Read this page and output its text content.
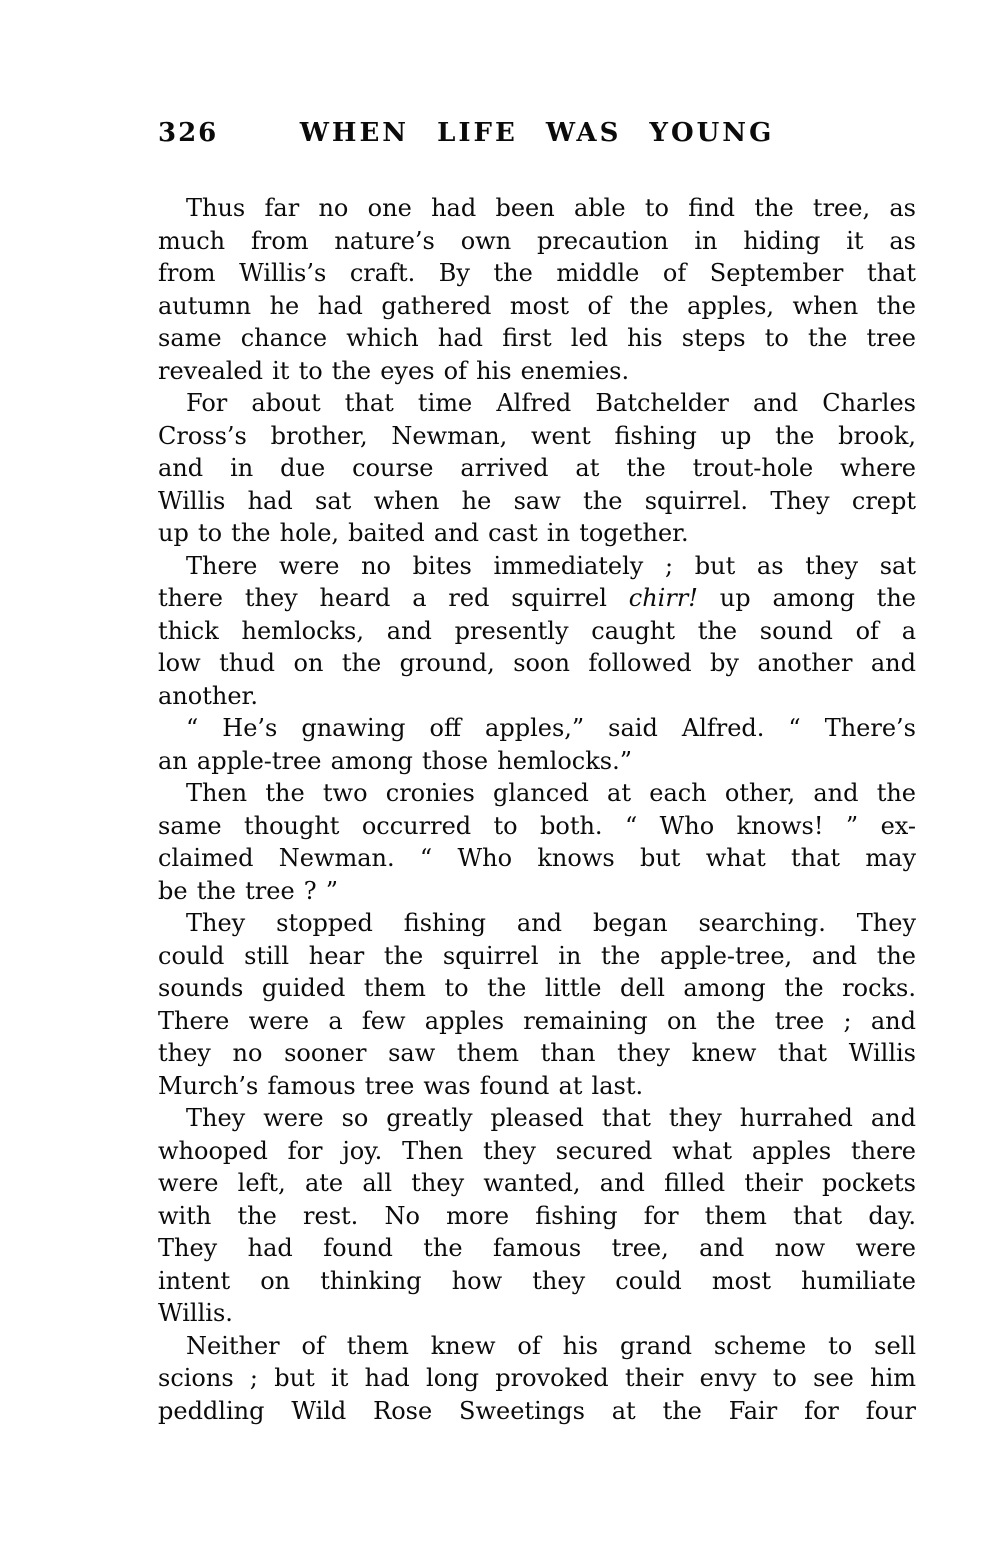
326	WHEN LIFE WAS YOUNG
Thus far no one had been able to find the tree, as
much from nature’s own precaution in hiding it as
from Willis’s craft. By the middle of September that
autumn he had gathered most of the apples, when the
same chance which had first led his steps to the tree
revealed it to the eyes of his enemies.
For about that time Alfred Batchelder and Charles
Cross’s brother, Newman, went fishing up the brook,
and in due course arrived at the trout-hole where
Willis had sat when he saw the squirrel. They crept
up to the hole, baited and cast in together.
There were no bites immediately ; but as they sat
there they heard a red squirrel chirr! up among the
thick hemlocks, and presently caught the sound of a
low thud on the ground, soon followed by another and
another.
“ He’s gnawing off apples,” said Alfred. “ There’s
an apple-tree among those hemlocks.”
Then the two cronies glanced at each other, and the
same thought occurred to both. “ Who knows! ” ex-
claimed Newman. “ Who knows but what that may
be the tree ? ”
They stopped fishing and began searching. They
could still hear the squirrel in the apple-tree, and the
sounds guided them to the little dell among the rocks.
There were a few apples remaining on the tree ; and
they no sooner saw them than they knew that Willis
Murch’s famous tree was found at last.
They were so greatly pleased that they hurrahed and
whooped for joy. Then they secured what apples there
were left, ate all they wanted, and filled their pockets
with the rest. No more fishing for them that day.
They had found the famous tree, and now were
intent on thinking how they could most humiliate
Willis.
Neither of them knew of his grand scheme to sell
scions ; but it had long provoked their envy to see him
peddling Wild Rose Sweetings at the Fair for four
